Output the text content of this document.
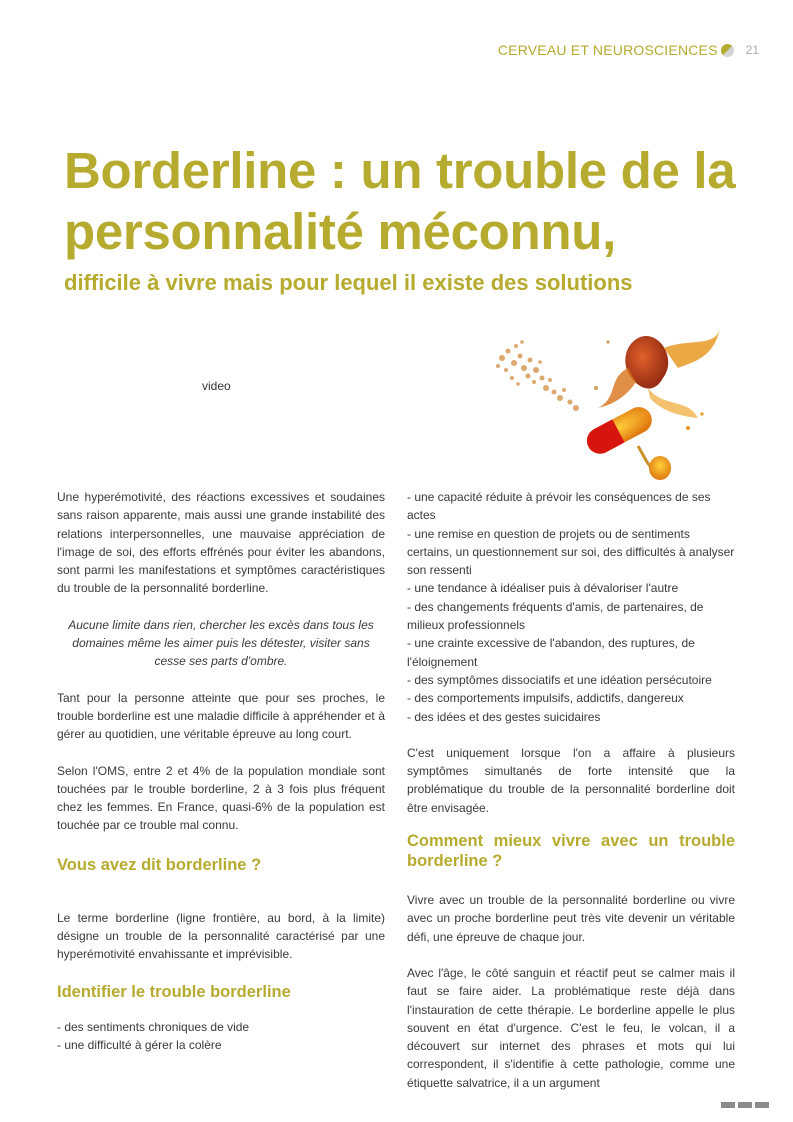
CERVEAU ET NEUROSCIENCES 21
Borderline : un trouble de la personnalité méconnu,
difficile à vivre mais pour lequel il existe des solutions
video

Une hyperémotivité, des réactions excessives et soudaines sans raison apparente, mais aussi une grande instabilité des relations interpersonnelles, une mauvaise appréciation de l'image de soi, des efforts effrénés pour éviter les abandons, sont parmi les manifestations et symptômes caractéristiques du trouble de la personnalité borderline.

Aucune limite dans rien, chercher les excès dans tous les domaines même les aimer puis les détester, visiter sans cesse ses parts d'ombre.

Tant pour la personne atteinte que pour ses proches, le trouble borderline est une maladie difficile à appréhender et à gérer au quotidien, une véritable épreuve au long court.

Selon l'OMS, entre 2 et 4% de la population mondiale sont touchées par le trouble borderline, 2 à 3 fois plus fréquent chez les femmes. En France, quasi-6% de la population est touchée par ce trouble mal connu.

Vous avez dit borderline ?

Le terme borderline (ligne frontière, au bord, à la limite) désigne un trouble de la personnalité caractérisé par une hyperémotivité envahissante et imprévisible.

Identifier le trouble borderline
- des sentiments chroniques de vide
- une difficulté à gérer la colère
- une capacité réduite à prévoir les conséquences de ses actes
- une remise en question de projets ou de sentiments certains, un questionnement sur soi, des difficultés à analyser son ressenti
- une tendance à idéaliser puis à dévaloriser l'autre
- des changements fréquents d'amis, de partenaires, de milieux professionnels
- une crainte excessive de l'abandon, des ruptures, de l'éloignement
- des symptômes dissociatifs et une idéation persécutoire
- des comportements impulsifs, addictifs, dangereux
- des idées et des gestes suicidaires

C'est uniquement lorsque l'on a affaire à plusieurs symptômes simultanés de forte intensité que la problématique du trouble de la personnalité borderline doit être envisagée.

Comment mieux vivre avec un trouble borderline ?

Vivre avec un trouble de la personnalité borderline ou vivre avec un proche borderline peut très vite devenir un véritable défi, une épreuve de chaque jour.

Avec l'âge, le côté sanguin et réactif peut se calmer mais il faut se faire aider. La problématique reste déjà dans l'instauration de cette thérapie. Le borderline appelle le plus souvent en état d'urgence. C'est le feu, le volcan, il a découvert sur internet des phrases et mots qui lui correspondent, il s'identifie à cette pathologie, comme une étiquette salvatrice, il a un argument
